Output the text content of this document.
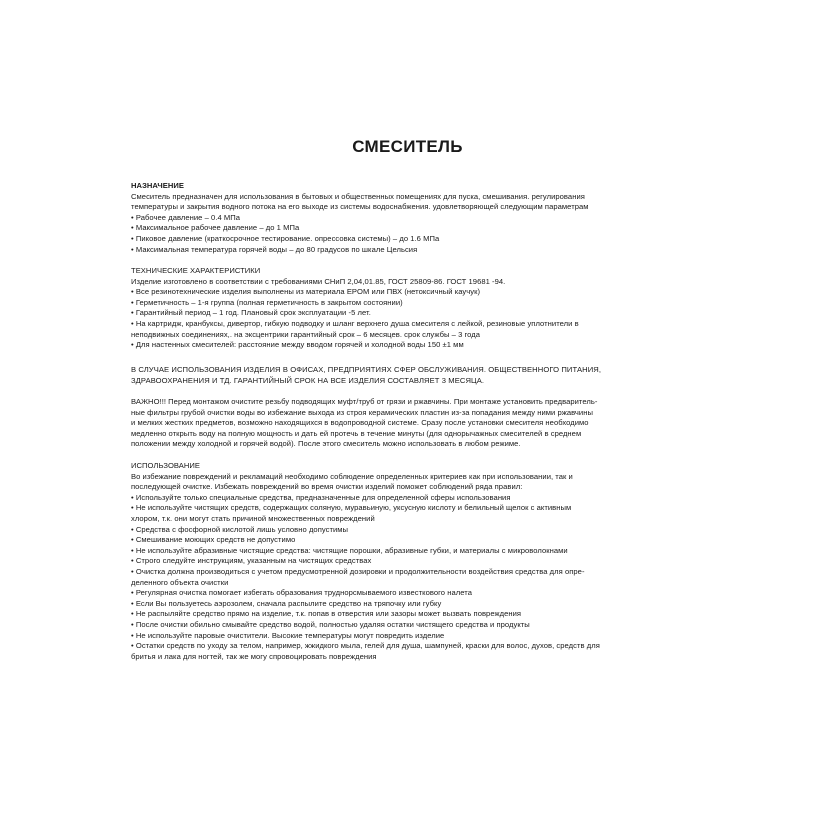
СМЕСИТЕЛЬ
НАЗНАЧЕНИЕ
Смеситель предназначен для использования в бытовых и общественных помещениях для пуска, смешивания. регулирования
температуры и закрытия водного потока на его выходе из системы водоснабжения. удовлетворяющей следующим параметрам
• Рабочее давление – 0.4 МПа
• Максимальное рабочее давление – до 1 МПа
• Пиковое давление (краткосрочное тестирование. опрессовка системы) – до 1.6 МПа
• Максимальная температура горячей воды – до 80 градусов по шкале Цельсия
ТЕХНИЧЕСКИЕ ХАРАКТЕРИСТИКИ
Изделие изготовлено в соответствии с требованиями СНиП 2,04,01.85, ГОСТ 25809-86. ГОСТ 19681 -94.
• Все резинотехнические изделия выполнены из материала EPOM или ПВХ (нетоксичный каучук)
• Герметичность – 1-я группа (полная герметичность в закрытом состоянии)
• Гарантийный период – 1 год. Плановый срок эксплуатации -5 лет.
• На картридж, кранбуксы, дивертор, гибкую подводку и шланг верхнего душа смесителя с лейкой, резиновые уплотнители в
неподвижных соединениях,. на эксцентрики гарантийный срок – 6 месяцев. срок службы – 3 года
• Для настенных смесителей: расстояние между вводом горячей и холодной воды 150 ±1 мм
В СЛУЧАЕ ИСПОЛЬЗОВАНИЯ ИЗДЕЛИЯ В ОФИСАХ, ПРЕДПРИЯТИЯХ СФЕР ОБСЛУЖИВАНИЯ. ОБЩЕСТВЕННОГО ПИТАНИЯ,
ЗДРАВООХРАНЕНИЯ И ТД. ГАРАНТИЙНЫЙ СРОК НА ВСЕ ИЗДЕЛИЯ СОСТАВЛЯЕТ 3 МЕСЯЦА.
ВАЖНО!!! Перед монтажом очистите резьбу подводящих муфт/труб от грязи и ржавчины. При монтаже установить предваритель-
ные фильтры грубой очистки воды во избежание выхода из строя керамических пластин из-за попадания между ними ржавчины
и мелких жестких предметов, возможно находящихся в водопроводной системе. Сразу после установки смесителя необходимо
медленно открыть воду на полную мощность и дать ей протечь в течение минуты (для однорычажных смесителей в среднем
положении между холодной и горячей водой). После этого смеситель можно использовать в любом режиме.
ИСПОЛЬЗОВАНИЕ
Во избежание повреждений и рекламаций необходимо соблюдение определенных критериев как при использовании, так и
последующей очистке. Избежать повреждений во время очистки изделий поможет соблюдений ряда правил:
• Используйте только специальные средства, предназначенные для определенной сферы использования
• Не используйте чистящих средств, содержащих соляную, муравьиную, уксусную кислоту и белильный щелок с активным
хлором, т.к. они могут стать причиной множественных повреждений
• Средства с фосфорной кислотой лишь условно допустимы
• Смешивание моющих средств не допустимо
• Не используйте абразивные чистящие средства: чистящие порошки, абразивные губки, и материалы с микроволокнами
• Строго следуйте инструкциям, указанным на чистящих средствах
• Очистка должна производиться с учетом предусмотренной дозировки и продолжительности воздействия средства для опре-
деленного объекта очистки
• Регулярная очистка помогает избегать образования труднорсмываемого известкового налета
• Если Вы пользуетесь аэрозолем, сначала распылите средство на тряпочку или губку
• Не распыляйте средство прямо на изделие, т.к. попав в отверстия или зазоры может вызвать повреждения
• После очистки обильно смывайте средство водой, полностью удаляя остатки чистящего средства и продукты
• Не используйте паровые очистители. Высокие температуры могут повредить изделие
• Остатки средств по уходу за телом, например, жжидкого мыла, гелей для душа, шампуней, краски для волос, духов, средств для
бритья и лака для ногтей, так же могу спровоцировать повреждения
